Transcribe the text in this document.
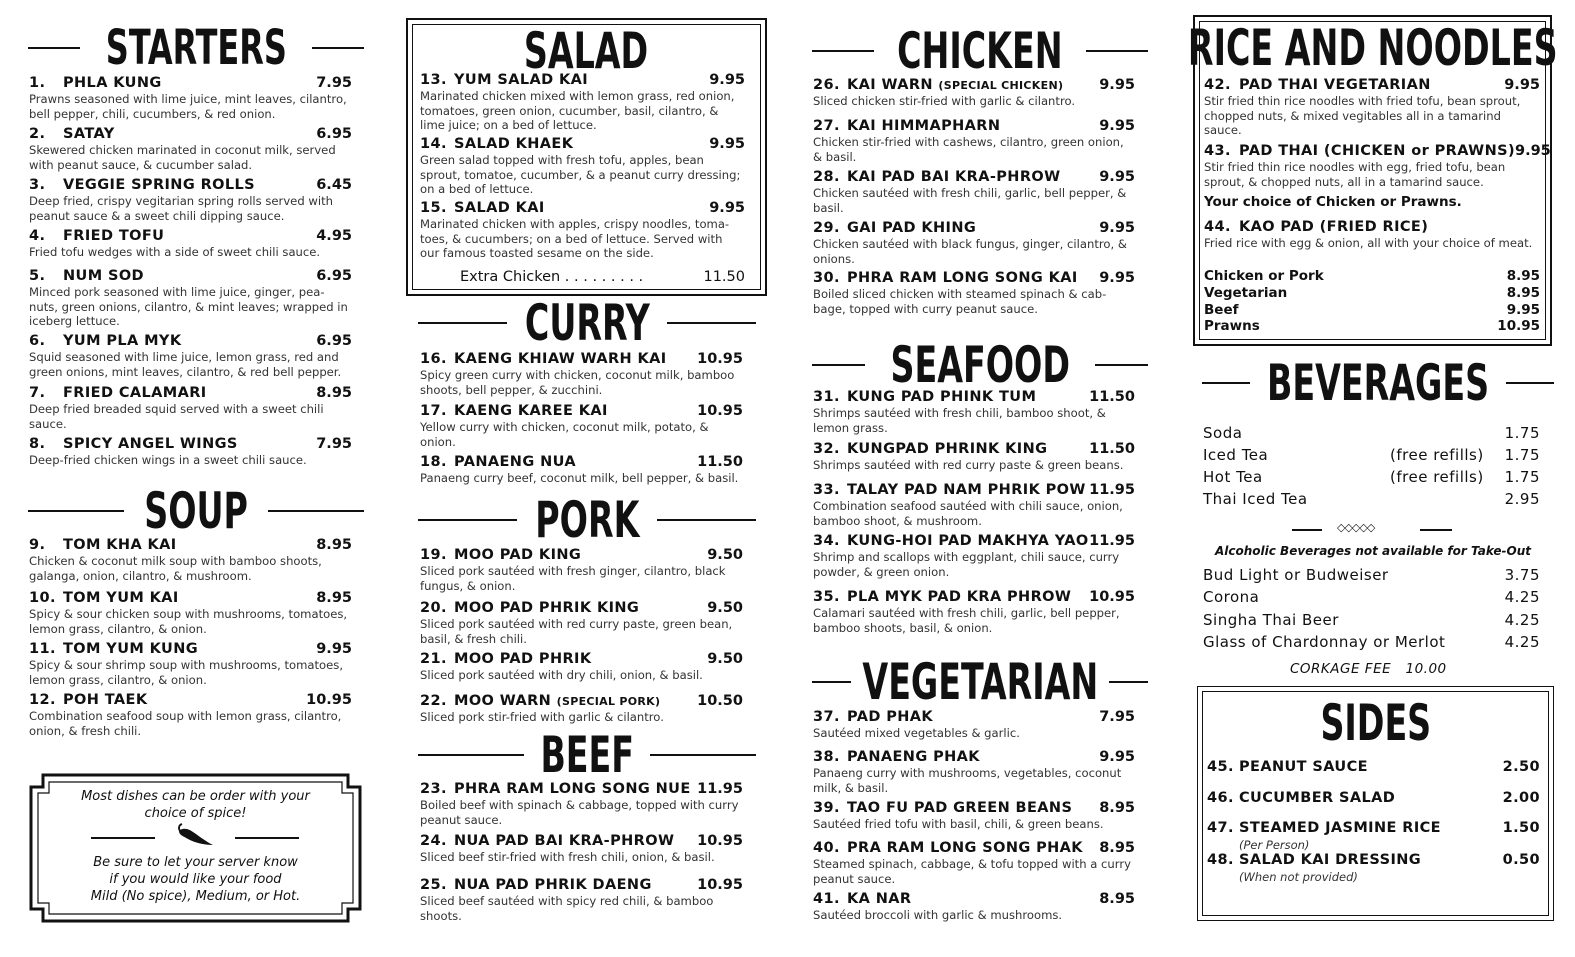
STARTERS
1. PHLA KUNG	7.95
Prawns seasoned with lime juice, mint leaves, cilantro, bell pepper, chili, cucumbers, & red onion.
2. SATAY	6.95
Skewered chicken marinated in coconut milk, served with peanut sauce, & cucumber salad.
3. VEGGIE SPRING ROLLS	6.45
Deep fried, crispy vegitarian spring rolls served with peanut sauce & a sweet chili dipping sauce.
4. FRIED TOFU	4.95
Fried tofu wedges with a side of sweet chili sauce.
5. NUM SOD	6.95
Minced pork seasoned with lime juice, ginger, pea-nuts, green onions, cilantro, & mint leaves; wrapped in iceberg lettuce.
6. YUM PLA MYK	6.95
Squid seasoned with lime juice, lemon grass, red and green onions, mint leaves, cilantro, & red bell pepper.
7. FRIED CALAMARI	8.95
Deep fried breaded squid served with a sweet chili sauce.
8. SPICY ANGEL WINGS	7.95
Deep-fried chicken wings in a sweet chili sauce.
SOUP
9. TOM KHA KAI	8.95
Chicken & coconut milk soup with bamboo shoots, galanga, onion, cilantro, & mushroom.
10. TOM YUM KAI	8.95
Spicy & sour chicken soup with mushrooms, tomatoes, lemon grass, cilantro, & onion.
11. TOM YUM KUNG	9.95
Spicy & sour shrimp soup with mushrooms, tomatoes, lemon grass, cilantro, & onion.
12. POH TAEK	10.95
Combination seafood soup with lemon grass, cilantro, onion, & fresh chili.
Most dishes can be order with your
choice of spice!
Be sure to let your server know
if you would like your food
Mild (No spice), Medium, or Hot.
SALAD
13. YUM SALAD KAI	9.95
Marinated chicken mixed with lemon grass, red onion, tomatoes, green onion, cucumber, basil, cilantro, & lime juice; on a bed of lettuce.
14. SALAD KHAEK	9.95
Green salad topped with fresh tofu, apples, bean sprout, tomatoe, cucumber, & a peanut curry dressing; on a bed of lettuce.
15. SALAD KAI	9.95
Marinated chicken with apples, crispy noodles, toma-toes, & cucumbers; on a bed of lettuce. Served with our famous toasted sesame on the side.
Extra Chicken . . . . . . . . .	11.50
CURRY
16. KAENG KHIAW WARH KAI 10.95
Spicy green curry with chicken, coconut milk, bamboo shoots, bell pepper, & zucchini.
17. KAENG KAREE KAI	10.95
Yellow curry with chicken, coconut milk, potato, & onion.
18. PANAENG NUA	11.50
Panaeng curry beef, coconut milk, bell pepper, & basil.
PORK
19. MOO PAD KING	9.50
Sliced pork sautéed with fresh ginger, cilantro, black fungus, & onion.
20. MOO PAD PHRIK KING	9.50
Sliced pork sautéed with red curry paste, green bean, basil, & fresh chili.
21. MOO PAD PHRIK	9.50
Sliced pork sautéed with dry chili, onion, & basil.
22. MOO WARN (SPECIAL PORK)	10.50
Sliced pork stir-fried with garlic & cilantro.
BEEF
23. PHRA RAM LONG SONG NUE 11.95
Boiled beef with spinach & cabbage, topped with curry peanut sauce.
24. NUA PAD BAI KRA-PHROW 10.95
Sliced beef stir-fried with fresh chili, onion, & basil.
25. NUA PAD PHRIK DAENG	10.95
Sliced beef sautéed with spicy red chili, & bamboo shoots.
CHICKEN
26. KAI WARN (SPECIAL CHICKEN) 9.95
Sliced chicken stir-fried with garlic & cilantro.
27. KAI HIMMAPHARN	9.95
Chicken stir-fried with cashews, cilantro, green onion, & basil.
28. KAI PAD BAI KRA-PHROW	9.95
Chicken sautéed with fresh chili, garlic, bell pepper, & basil.
29. GAI PAD KHING	9.95
Chicken sautéed with black fungus, ginger, cilantro, & onions.
30. PHRA RAM LONG SONG KAI 9.95
Boiled sliced chicken with steamed spinach & cab-bage, topped with curry peanut sauce.
SEAFOOD
31. KUNG PAD PHINK TUM	11.50
Shrimps sautéed with fresh chili, bamboo shoot, & lemon grass.
32. KUNGPAD PHRINK KING	11.50
Shrimps sautéed with red curry paste & green beans.
33. TALAY PAD NAM PHRIK POW 11.95
Combination seafood sautéed with chili sauce, onion, bamboo shoot, & mushroom.
34. KUNG-HOI PAD MAKHYA YAO 11.95
Shrimp and scallops with eggplant, chili sauce, curry powder, & green onion.
35. PLA MYK PAD KRA PHROW 10.95
Calamari sautéed with fresh chili, garlic, bell pepper, bamboo shoots, basil, & onion.
VEGETARIAN
37. PAD PHAK	7.95
Sautéed mixed vegetables & garlic.
38. PANAENG PHAK	9.95
Panaeng curry with mushrooms, vegetables, coconut milk, & basil.
39. TAO FU PAD GREEN BEANS 8.95
Sautéed fried tofu with basil, chili, & green beans.
40. PRA RAM LONG SONG PHAK 8.95
Steamed spinach, cabbage, & tofu topped with a curry peanut sauce.
41. KA NAR	8.95
Sautéed broccoli with garlic & mushrooms.
RICE AND NOODLES
42. PAD THAI VEGETARIAN	9.95
Stir fried thin rice noodles with fried tofu, bean sprout, chopped nuts, & mixed vegitables all in a tamarind sauce.
43. PAD THAI (CHICKEN or PRAWNS) 9.95
Stir fried thin rice noodles with egg, fried tofu, bean sprout, & chopped nuts, all in a tamarind sauce.
44. KAO PAD (FRIED RICE)
Fried rice with egg & onion, all with your choice of meat.
Your choice of Chicken or Prawns.
Chicken or Pork	8.95
Vegetarian	8.95
Beef	9.95
Prawns	10.95
BEVERAGES
Soda	1.75
Iced Tea	(free refills)	1.75
Hot Tea	(free refills)	1.75
Thai Iced Tea	2.95
◇◇◇◇◇
Alcoholic Beverages not available for Take-Out
Bud Light or Budweiser	3.75
Corona	4.25
Singha Thai Beer	4.25
Glass of Chardonnay or Merlot	4.25
CORKAGE FEE   10.00
SIDES
45. PEANUT SAUCE	2.50
46. CUCUMBER SALAD	2.00
47. STEAMED JASMINE RICE	1.50
(Per Person)
48. SALAD KAI DRESSING	0.50
(When not provided)
